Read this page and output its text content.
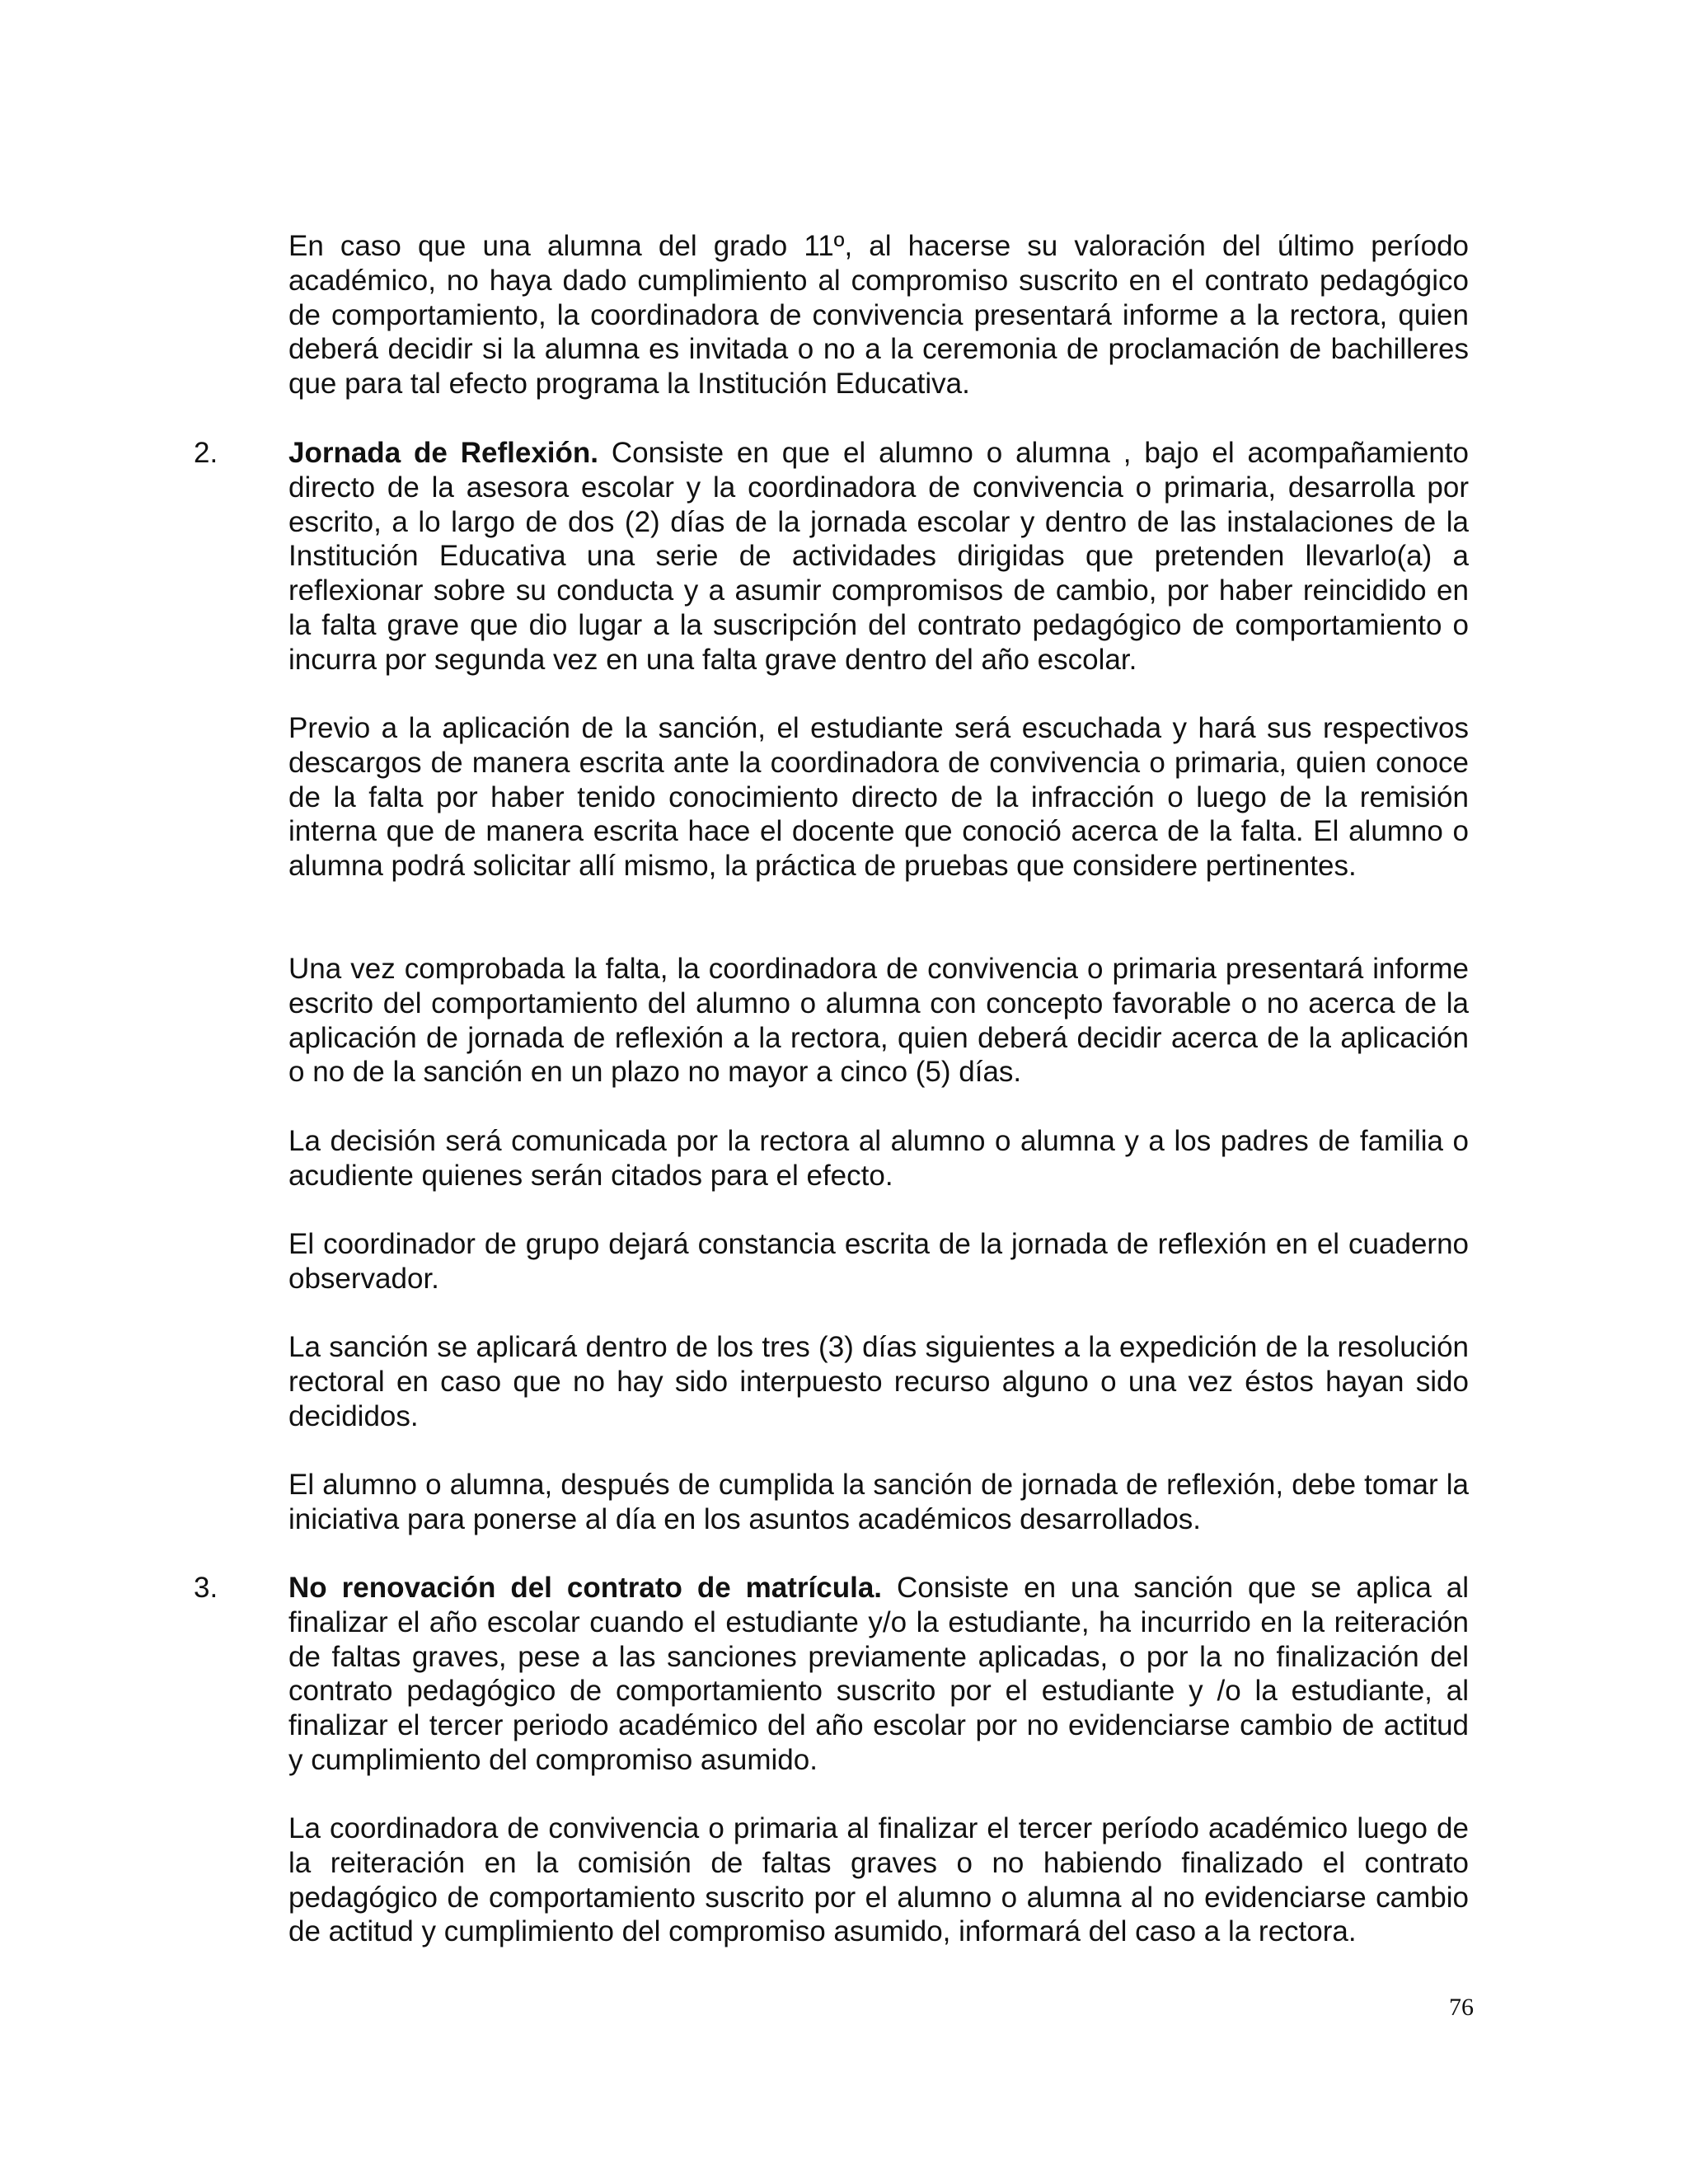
En caso que una alumna del grado 11º, al hacerse su valoración del último período académico, no haya dado cumplimiento al compromiso suscrito en el contrato pedagógico de comportamiento, la coordinadora de convivencia presentará informe a la rectora, quien deberá decidir si la alumna es invitada o no a la ceremonia de proclamación de bachilleres que para tal efecto programa la Institución Educativa.

2. Jornada de Reflexión. Consiste en que el alumno o alumna , bajo el acompañamiento directo de la asesora escolar y la coordinadora de convivencia o primaria, desarrolla por escrito, a lo largo de dos (2) días de la jornada escolar y dentro de las instalaciones de la Institución Educativa una serie de actividades dirigidas que pretenden llevarlo(a) a reflexionar sobre su conducta y a asumir compromisos de cambio, por haber reincidido en la falta grave que dio lugar a la suscripción del contrato pedagógico de comportamiento o incurra por segunda vez en una falta grave dentro del año escolar.

Previo a la aplicación de la sanción, el estudiante será escuchada y hará sus respectivos descargos de manera escrita ante la coordinadora de convivencia o primaria, quien conoce de la falta por haber tenido conocimiento directo de la infracción o luego de la remisión interna que de manera escrita hace el docente que conoció acerca de la falta. El alumno o alumna podrá solicitar allí mismo, la práctica de pruebas que considere pertinentes.

Una vez comprobada la falta, la coordinadora de convivencia o primaria presentará informe escrito del comportamiento del alumno o alumna con concepto favorable o no acerca de la aplicación de jornada de reflexión a la rectora, quien deberá decidir acerca de la aplicación o no de la sanción en un plazo no mayor a cinco (5) días.

La decisión será comunicada por la rectora al alumno o alumna y a los padres de familia o acudiente quienes serán citados para el efecto.

El coordinador de grupo dejará constancia escrita de la jornada de reflexión en el cuaderno observador.

La sanción se aplicará dentro de los tres (3) días siguientes a la expedición de la resolución rectoral en caso que no hay sido interpuesto recurso alguno o una vez éstos hayan sido decididos.

El alumno o alumna, después de cumplida la sanción de jornada de reflexión, debe tomar la iniciativa para ponerse al día en los asuntos académicos desarrollados.

3. No renovación del contrato de matrícula. Consiste en una sanción que se aplica al finalizar el año escolar cuando el estudiante y/o la estudiante, ha incurrido en la reiteración de faltas graves, pese a las sanciones previamente aplicadas, o por la no finalización del contrato pedagógico de comportamiento suscrito por el estudiante y /o la estudiante, al finalizar el tercer periodo académico del año escolar por no evidenciarse cambio de actitud y cumplimiento del compromiso asumido.

La coordinadora de convivencia o primaria al finalizar el tercer período académico luego de la reiteración en la comisión de faltas graves o no habiendo finalizado el contrato pedagógico de comportamiento suscrito por el alumno o alumna al no evidenciarse cambio de actitud y cumplimiento del compromiso asumido, informará del caso a la rectora.

76
